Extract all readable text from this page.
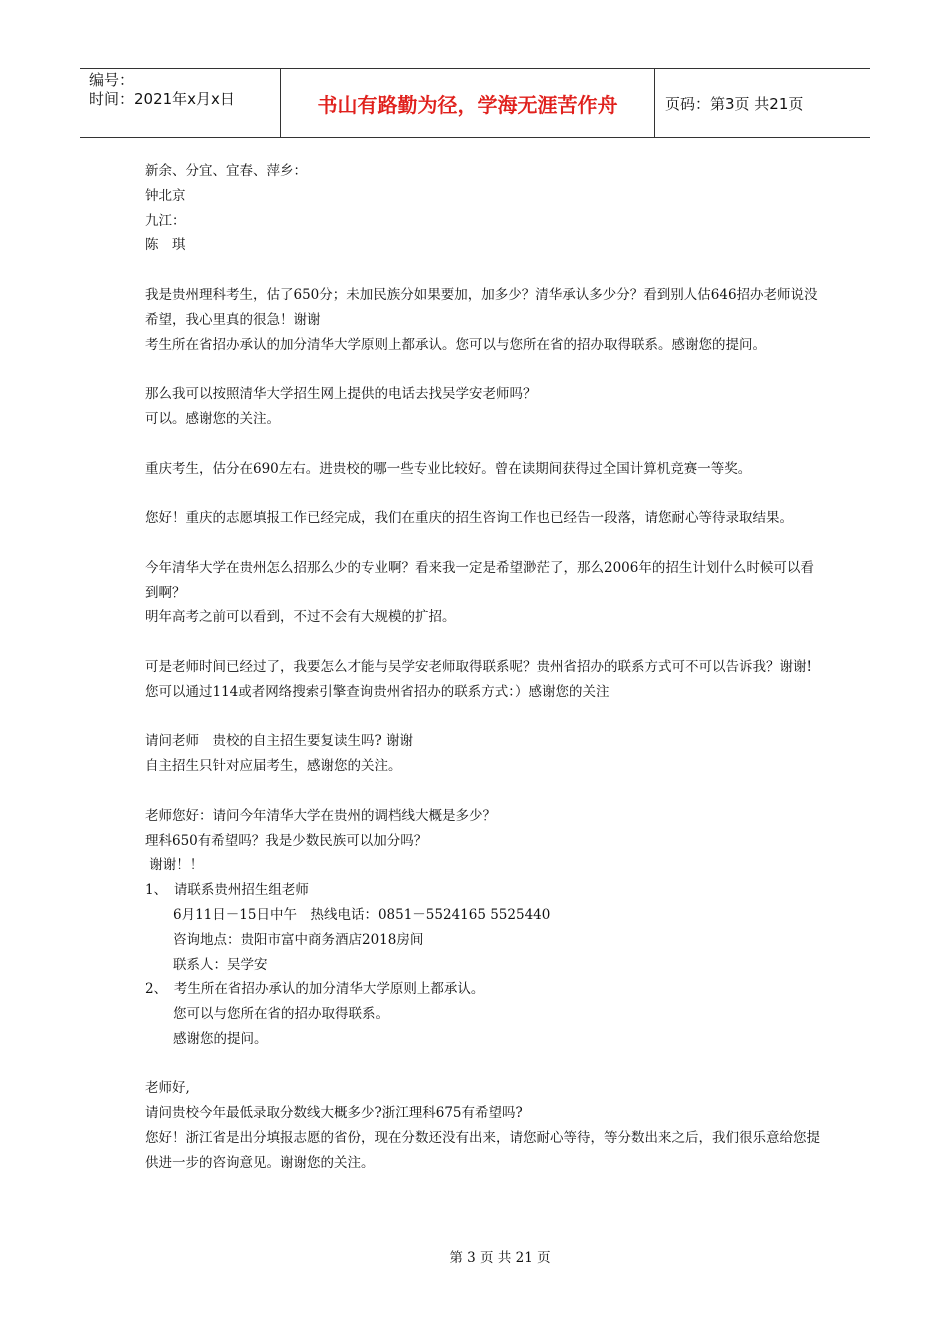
编号：
时间：2021年x月x日	书山有路勤为径，学海无涯苦作舟	页码：第3页 共21页

新余、分宜、宜春、萍乡：

钟北京

九江：

陈　琪

我是贵州理科考生，估了650分；未加民族分如果要加，加多少？清华承认多少分？看到别人估646招办老师说没希望，我心里真的很急！谢谢

考生所在省招办承认的加分清华大学原则上都承认。您可以与您所在省的招办取得联系。感谢您的提问。

那么我可以按照清华大学招生网上提供的电话去找吴学安老师吗？

可以。感谢您的关注。

重庆考生，估分在690左右。进贵校的哪一些专业比较好。曾在读期间获得过全国计算机竞赛一等奖。

您好！重庆的志愿填报工作已经完成，我们在重庆的招生咨询工作也已经告一段落，请您耐心等待录取结果。

今年清华大学在贵州怎么招那么少的专业啊？看来我一定是希望渺茫了，那么2006年的招生计划什么时候可以看到啊？

明年高考之前可以看到，不过不会有大规模的扩招。

可是老师时间已经过了，我要怎么才能与吴学安老师取得联系呢？贵州省招办的联系方式可不可以告诉我？谢谢!

您可以通过114或者网络搜索引擎查询贵州省招办的联系方式：）感谢您的关注

请问老师　贵校的自主招生要复读生吗? 谢谢

自主招生只针对应届考生，感谢您的关注。

老师您好：请问今年清华大学在贵州的调档线大概是多少？

理科650有希望吗？我是少数民族可以加分吗？

谢谢！！

1、　请联系贵州招生组老师

6月11日－15日中午　热线电话：0851－5524165 5525440

咨询地点：贵阳市富中商务酒店2018房间

联系人：吴学安

2、　考生所在省招办承认的加分清华大学原则上都承认。

您可以与您所在省的招办取得联系。

感谢您的提问。

老师好,

请问贵校今年最低录取分数线大概多少?浙江理科675有希望吗?

您好！浙江省是出分填报志愿的省份，现在分数还没有出来，请您耐心等待，等分数出来之后，我们很乐意给您提供进一步的咨询意见。谢谢您的关注。

第 3 页 共 21 页
